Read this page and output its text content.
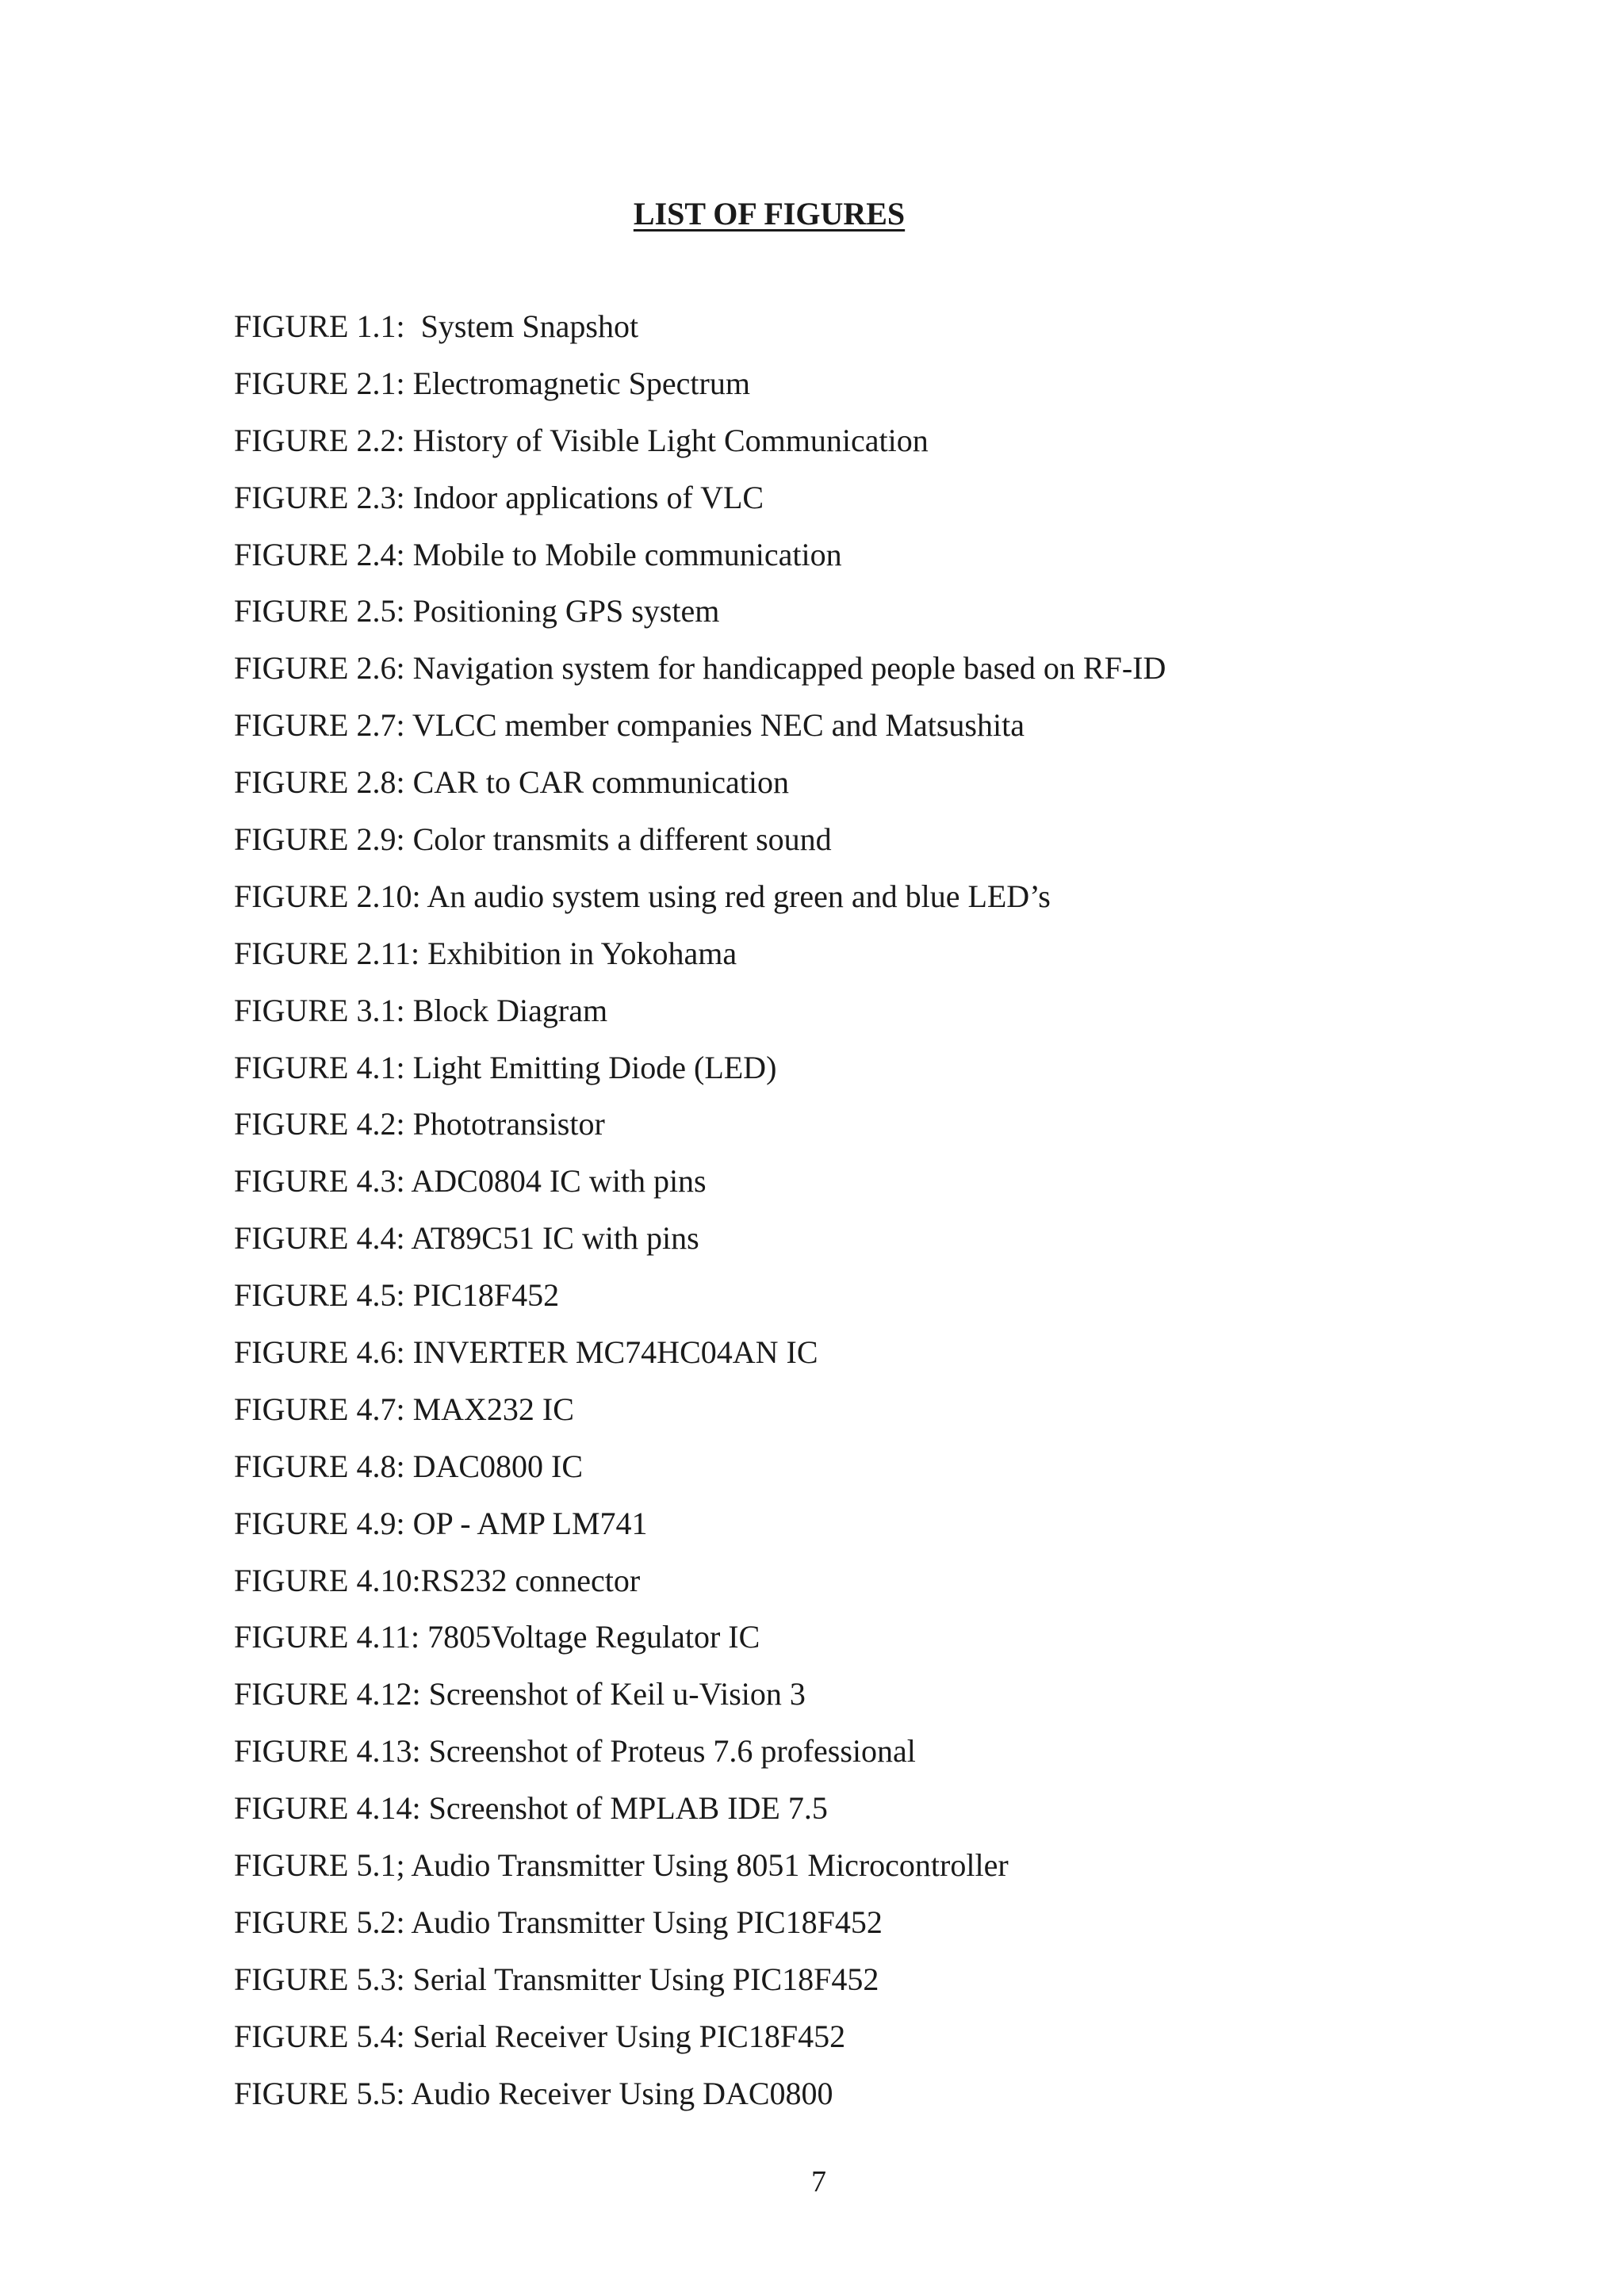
LIST OF FIGURES
FIGURE 1.1:  System Snapshot
FIGURE 2.1: Electromagnetic Spectrum
FIGURE 2.2: History of Visible Light Communication
FIGURE 2.3: Indoor applications of VLC
FIGURE 2.4: Mobile to Mobile communication
FIGURE 2.5: Positioning GPS system
FIGURE 2.6: Navigation system for handicapped people based on RF-ID
FIGURE 2.7: VLCC member companies NEC and Matsushita
FIGURE 2.8: CAR to CAR communication
FIGURE 2.9: Color transmits a different sound
FIGURE 2.10: An audio system using red green and blue LED’s
FIGURE 2.11: Exhibition in Yokohama
FIGURE 3.1: Block Diagram
FIGURE 4.1: Light Emitting Diode (LED)
FIGURE 4.2: Phototransistor
FIGURE 4.3: ADC0804 IC with pins
FIGURE 4.4: AT89C51 IC with pins
FIGURE 4.5: PIC18F452
FIGURE 4.6: INVERTER MC74HC04AN IC
FIGURE 4.7: MAX232 IC
FIGURE 4.8: DAC0800 IC
FIGURE 4.9: OP - AMP LM741
FIGURE 4.10:RS232 connector
FIGURE 4.11: 7805Voltage Regulator IC
FIGURE 4.12: Screenshot of Keil u-Vision 3
FIGURE 4.13: Screenshot of Proteus 7.6 professional
FIGURE 4.14: Screenshot of MPLAB IDE 7.5
FIGURE 5.1; Audio Transmitter Using 8051 Microcontroller
FIGURE 5.2: Audio Transmitter Using PIC18F452
FIGURE 5.3: Serial Transmitter Using PIC18F452
FIGURE 5.4: Serial Receiver Using PIC18F452
FIGURE 5.5: Audio Receiver Using DAC0800
7
